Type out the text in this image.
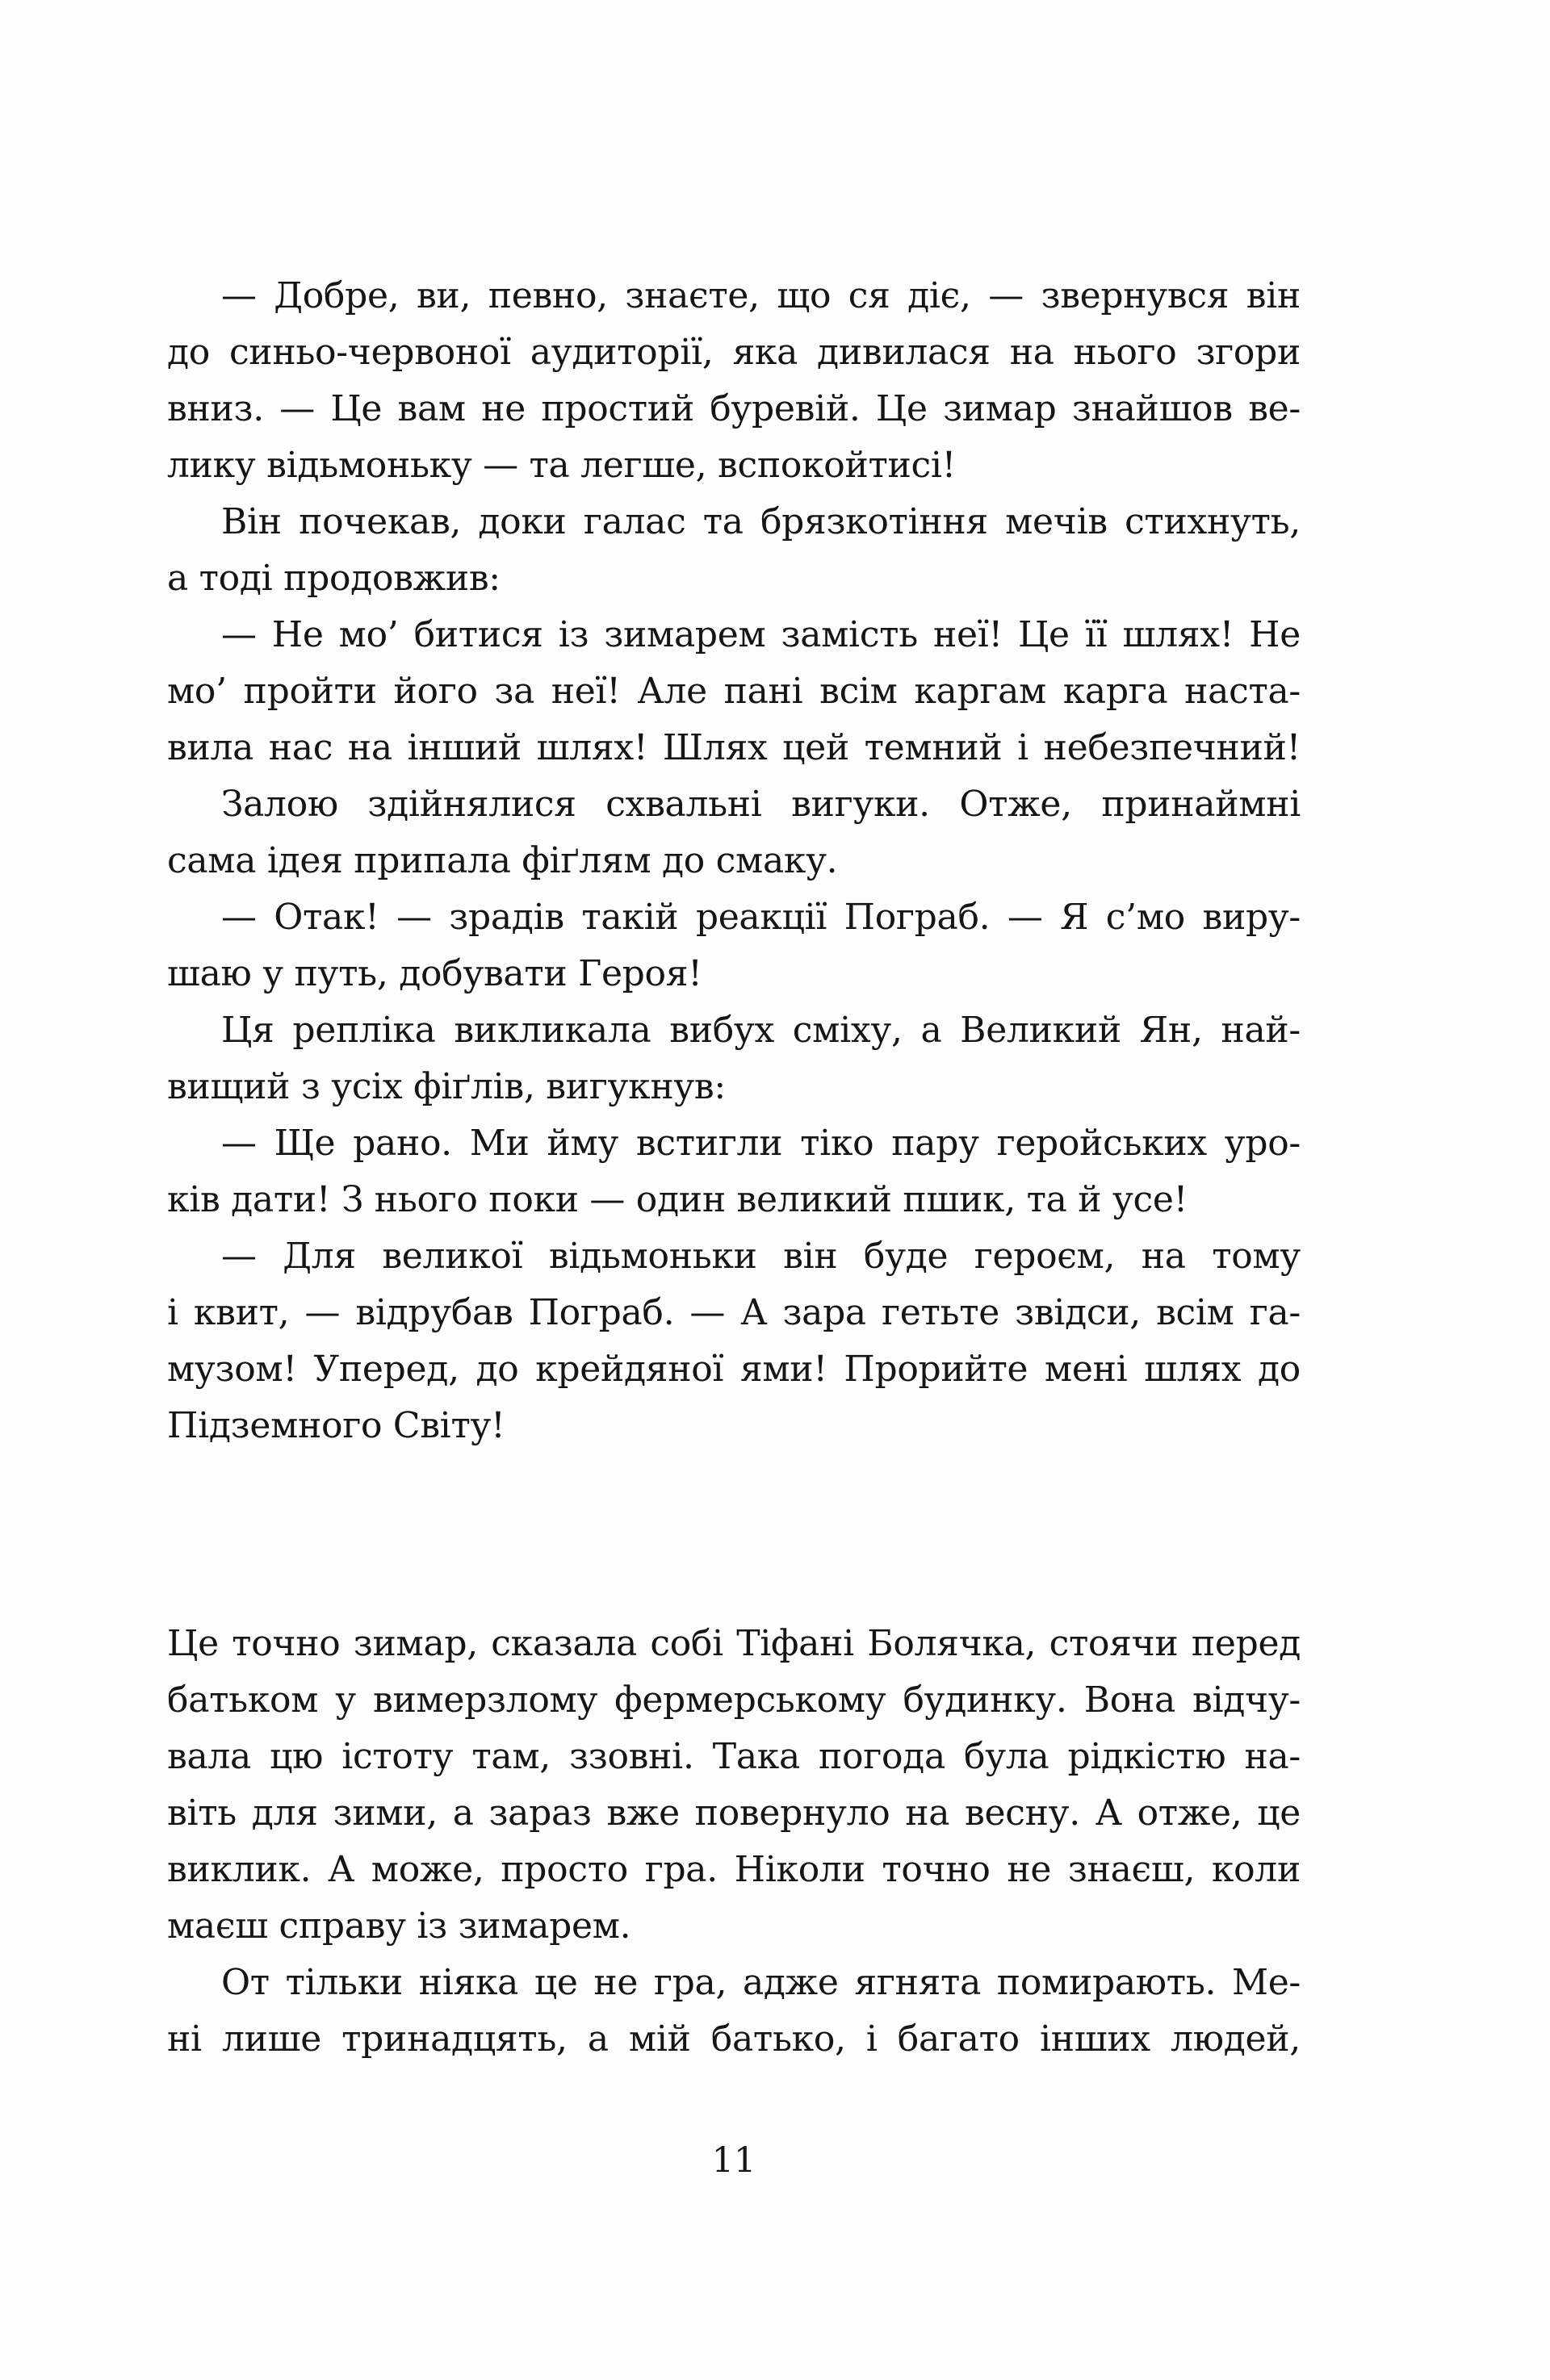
— Добре, ви, певно, знаєте, що ся діє, — звернувся він
до синьо-червоної аудиторії, яка дивилася на нього згори
вниз. — Це вам не простий буревій. Це зимар знайшов ве-
лику відьмоньку — та легше, вспокойтисі!

Він почекав, доки галас та брязкотіння мечів стихнуть,
а тоді продовжив:

— Не мо’ битися із зимарем замість неї! Це її шлях! Не
мо’ пройти його за неї! Але пані всім каргам карга наста-
вила нас на інший шлях! Шлях цей темний і небезпечний!

Залою здійнялися схвальні вигуки. Отже, принаймні
сама ідея припала фіґлям до смаку.

— Отак! — зрадів такій реакції Пограб. — Я с’мо виру-
шаю у путь, добувати Героя!

Ця репліка викликала вибух сміху, а Великий Ян, най-
вищий з усіх фіґлів, вигукнув:

— Ще рано. Ми йму встигли тіко пару геройських уро-
ків дати! З нього поки — один великий пшик, та й усе!

— Для великої відьмоньки він буде героєм, на тому
і квит, — відрубав Пограб. — А зара гетьте звідси, всім га-
музом! Уперед, до крейдяної ями! Прорийте мені шлях до
Підземного Світу!

Це точно зимар, сказала собі Тіфані Болячка, стоячи перед
батьком у вимерзлому фермерському будинку. Вона відчу-
вала цю істоту там, ззовні. Така погода була рідкістю на-
віть для зими, а зараз вже повернуло на весну. А отже, це
виклик. А може, просто гра. Ніколи точно не знаєш, коли
маєш справу із зимарем.

От тільки ніяка це не гра, адже ягнята помирають. Ме-
ні лише тринадцять, а мій батько, і багато інших людей,

11
